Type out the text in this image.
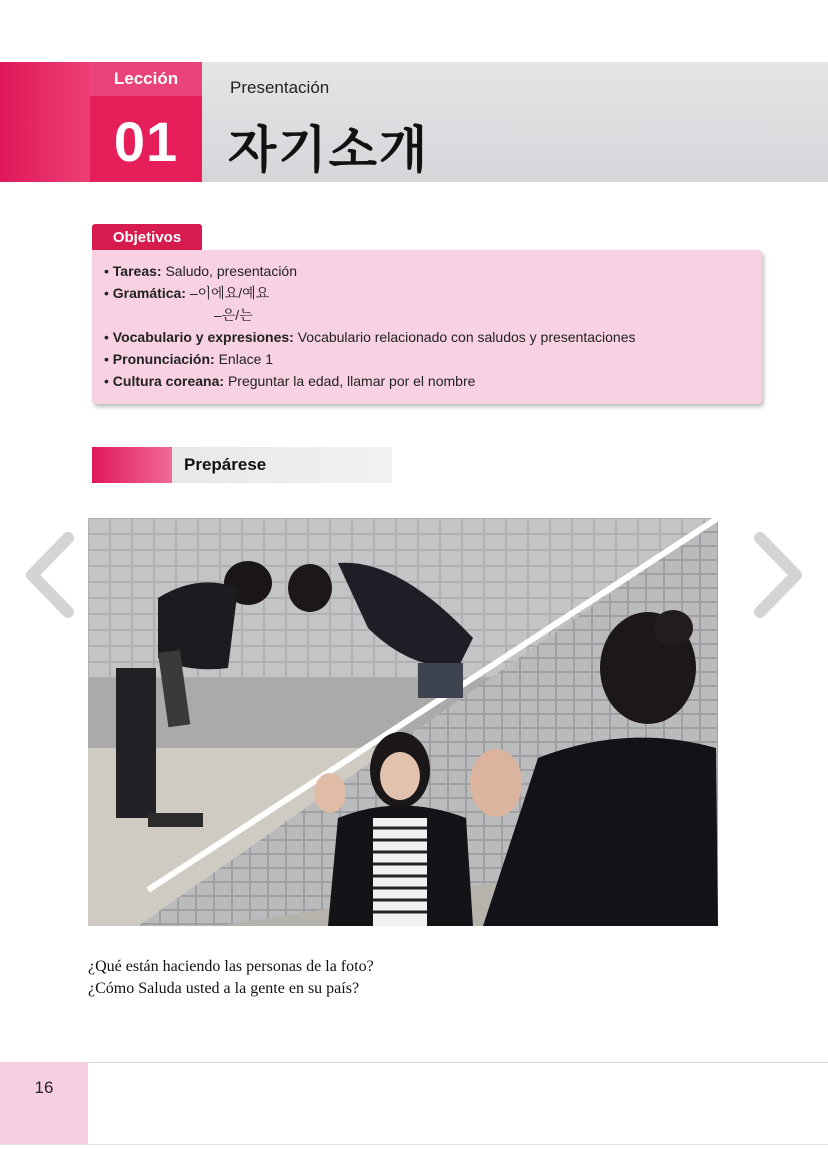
Lección
01
Presentación
자기소개
Objetivos
• Tareas: Saludo, presentación
• Gramática: –이에요/예요
–은/는
• Vocabulario y expresiones: Vocabulario relacionado con saludos y presentaciones
• Pronunciación: Enlace 1
• Cultura coreana: Preguntar la edad, llamar por el nombre
Prepárese
¿Qué están haciendo las personas de la foto?
¿Cómo Saluda usted a la gente en su país?
16
